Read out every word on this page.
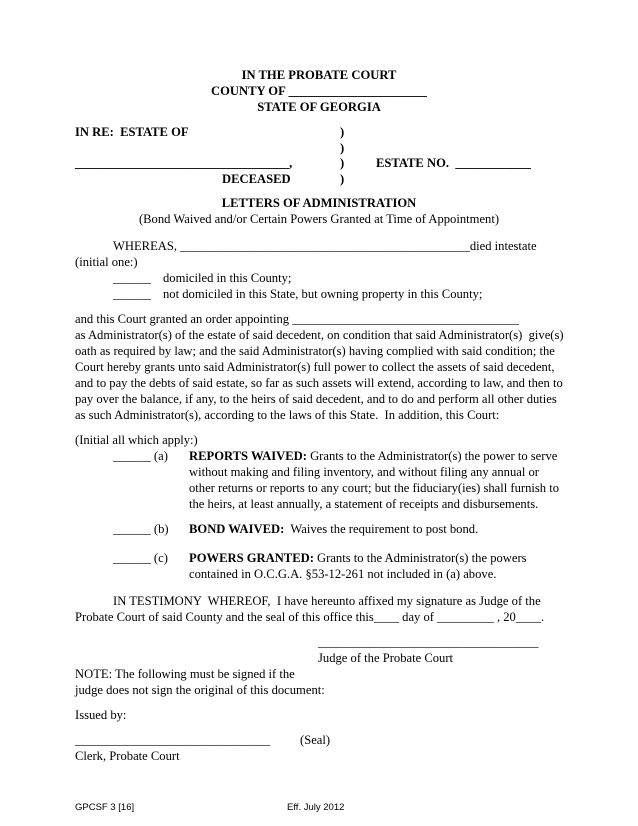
IN THE PROBATE COURT
COUNTY OF ______________________
STATE OF GEORGIA
IN RE:  ESTATE OF	)
)
__________________________________,	)	ESTATE NO.  ____________
DECEASED	)
LETTERS OF ADMINISTRATION
(Bond Waived and/or Certain Powers Granted at Time of Appointment)
WHEREAS, ______________________________________________died intestate
(initial one:)
______ domiciled in this County;
______ not domiciled in this State, but owning property in this County;
and this Court granted an order appointing ____________________________________
as Administrator(s) of the estate of said decedent, on condition that said Administrator(s)  give(s)
oath as required by law; and the said Administrator(s) having complied with said condition; the
Court hereby grants unto said Administrator(s) full power to collect the assets of said decedent,
and to pay the debts of said estate, so far as such assets will extend, according to law, and then to
pay over the balance, if any, to the heirs of said decedent, and to do and perform all other duties
as such Administrator(s), according to the laws of this State.  In addition, this Court:
(Initial all which apply:)
______ (a) REPORTS WAIVED: Grants to the Administrator(s) the power to serve
without making and filing inventory, and without filing any annual or
other returns or reports to any court; but the fiduciary(ies) shall furnish to
the heirs, at least annually, a statement of receipts and disbursements.
______ (b) BOND WAIVED:  Waives the requirement to post bond.
______ (c) POWERS GRANTED: Grants to the Administrator(s) the powers
contained in O.C.G.A. §53-12-261 not included in (a) above.
IN TESTIMONY  WHEREOF,  I have hereunto affixed my signature as Judge of the
Probate Court of said County and the seal of this office this____ day of _________ , 20____.
___________________________________
Judge of the Probate Court
NOTE: The following must be signed if the
judge does not sign the original of this document:
Issued by:
_______________________________ (Seal)
Clerk, Probate Court
GPCSF 3 [16]	Eff. July 2012
